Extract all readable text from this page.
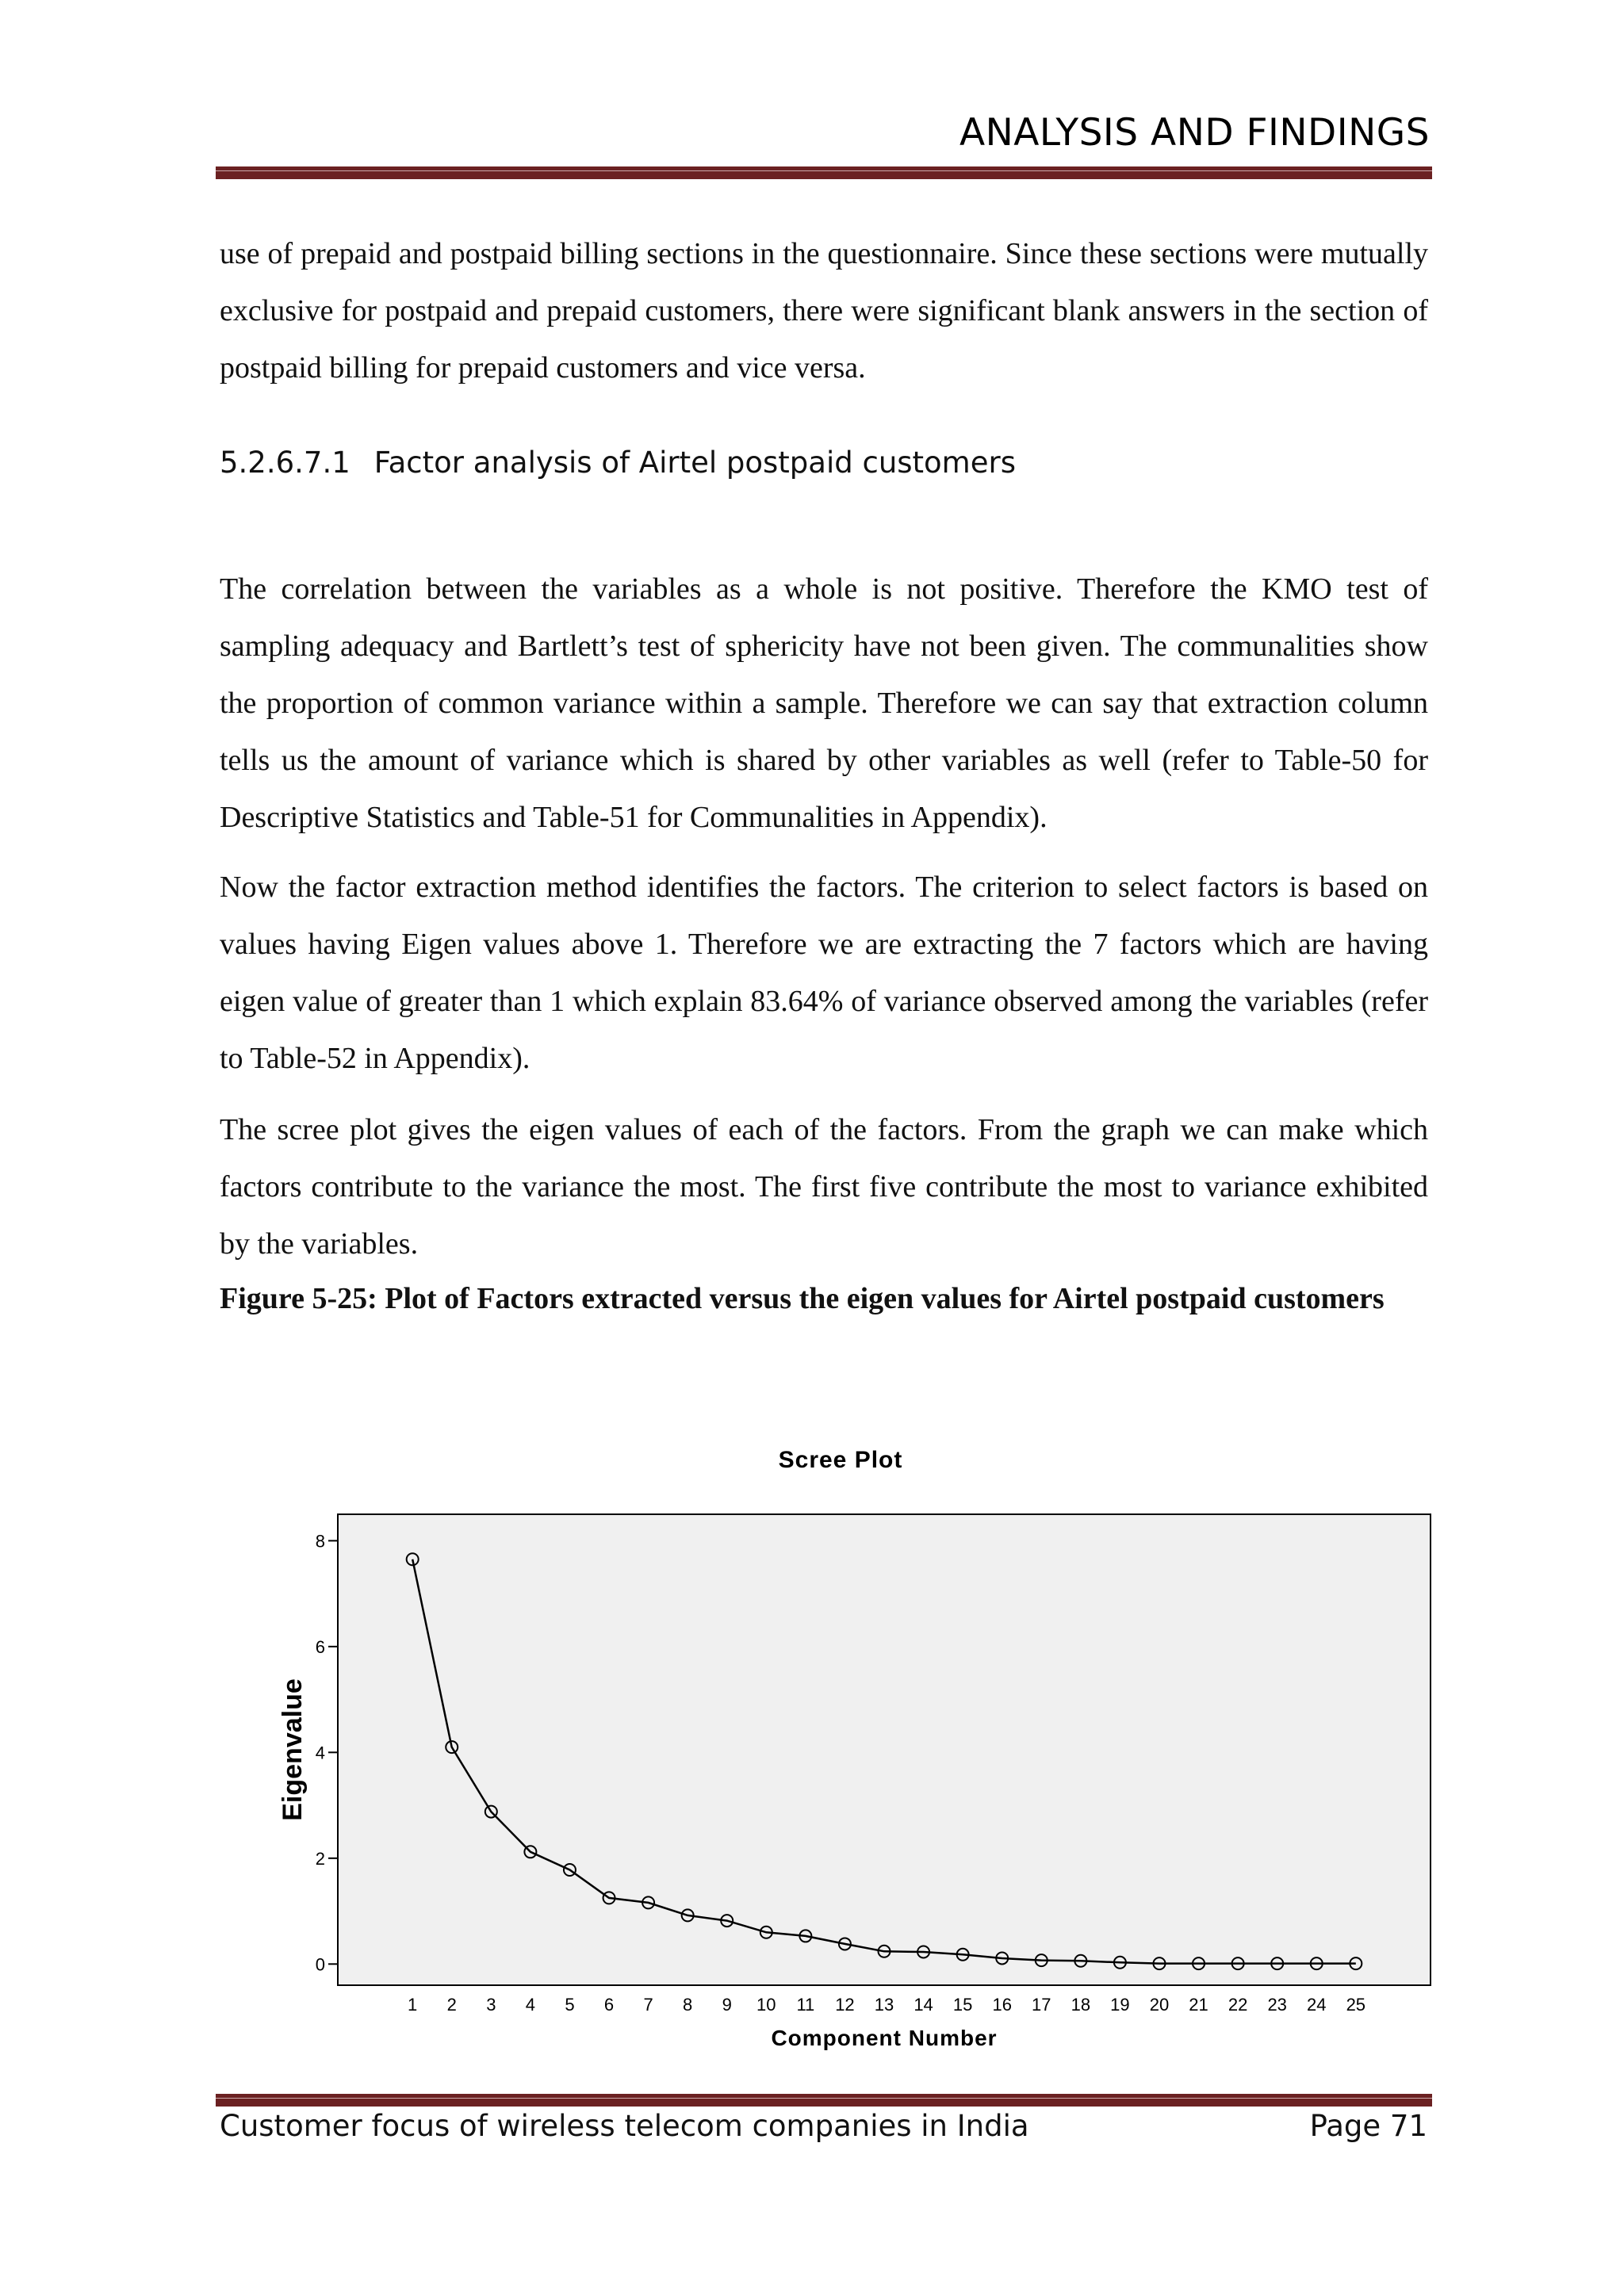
ANALYSIS AND FINDINGS

use of prepaid and postpaid billing sections in the questionnaire. Since these sections were mutually exclusive for postpaid and prepaid customers, there were significant blank answers in the section of postpaid billing for prepaid customers and vice versa.

5.2.6.7.1 Factor analysis of Airtel postpaid customers

The correlation between the variables as a whole is not positive. Therefore the KMO test of sampling adequacy and Bartlett’s test of sphericity have not been given. The communalities show the proportion of common variance within a sample. Therefore we can say that extraction column tells us the amount of variance which is shared by other variables as well (refer to Table-50 for Descriptive Statistics and Table-51 for Communalities in Appendix).

Now the factor extraction method identifies the factors. The criterion to select factors is based on values having Eigen values above 1. Therefore we are extracting the 7 factors which are having eigen value of greater than 1 which explain 83.64% of variance observed among the variables (refer to Table-52 in Appendix).

The scree plot gives the eigen values of each of the factors. From the graph we can make which factors contribute to the variance the most. The first five contribute the most to variance exhibited by the variables.

Figure 5-25: Plot of Factors extracted versus the eigen values for Airtel postpaid customers

Scree Plot
0
2
4
6
8
1 2 3 4 5 6 7 8 9 10 11 12 13 14 15 16 17 18 19 20 21 22 23 24 25
Eigenvalue
Component Number
Customer focus of wireless telecom companies in India	Page 71
